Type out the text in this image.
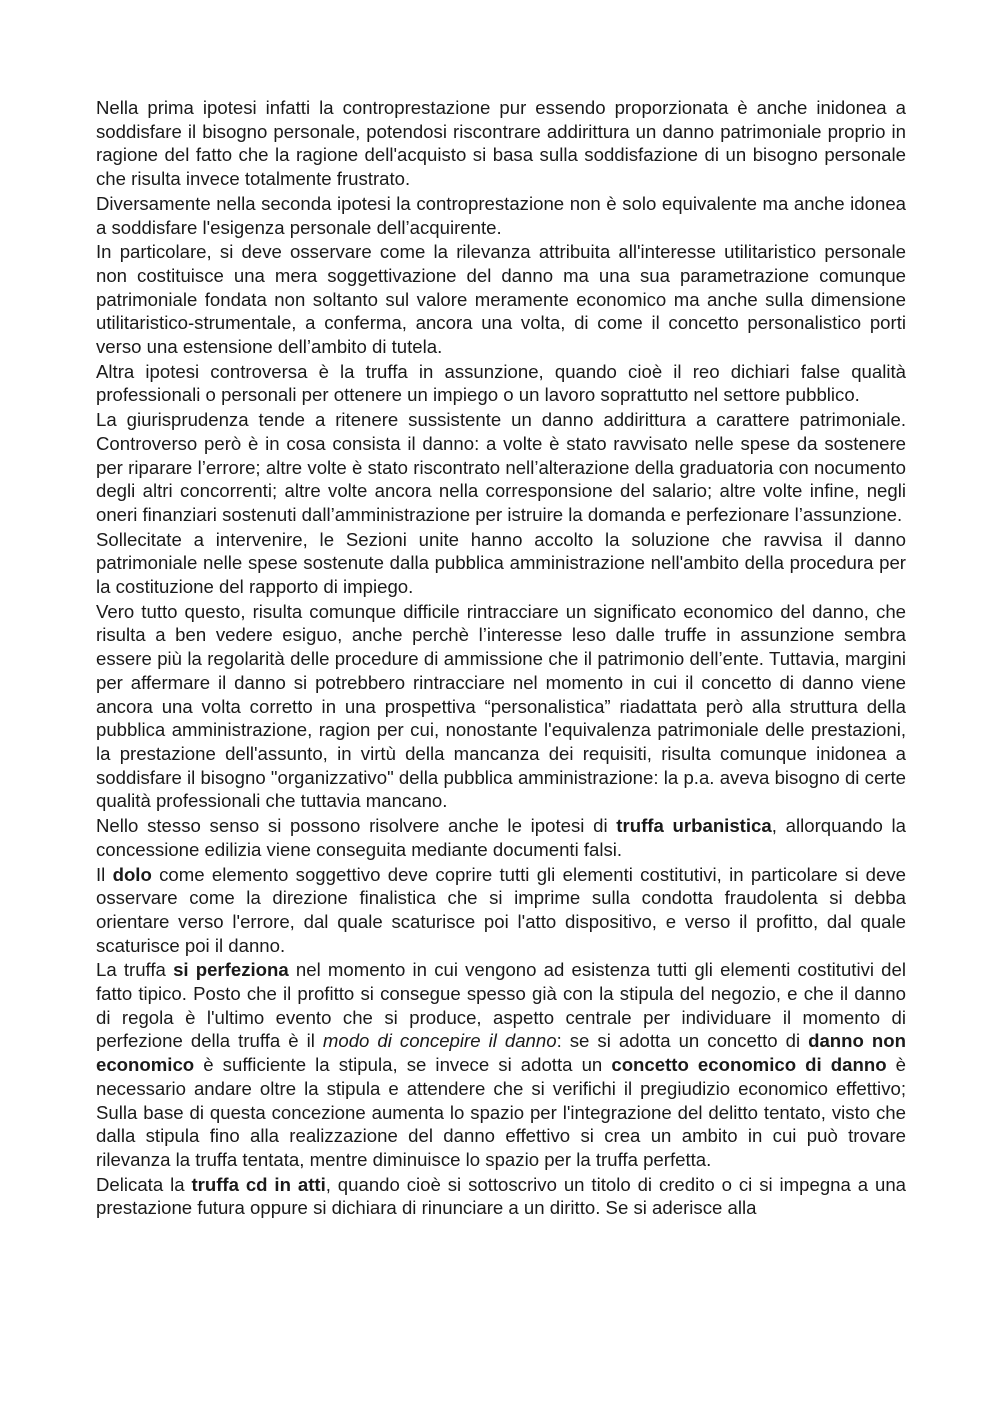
Nella prima ipotesi infatti la controprestazione pur essendo proporzionata è anche inidonea a soddisfare il bisogno personale, potendosi riscontrare addirittura un danno patrimoniale proprio in ragione del fatto che la ragione dell'acquisto si basa sulla soddisfazione di un bisogno personale che risulta invece totalmente frustrato.

Diversamente nella seconda ipotesi la controprestazione non è solo equivalente ma anche idonea a soddisfare l'esigenza personale dell’acquirente.

In particolare, si deve osservare come la rilevanza attribuita all'interesse utilitaristico personale non costituisce una mera soggettivazione del danno ma una sua parametrazione comunque patrimoniale fondata non soltanto sul valore meramente economico ma anche sulla dimensione utilitaristico-strumentale, a conferma, ancora una volta, di come il concetto personalistico porti verso una estensione dell’ambito di tutela.

Altra ipotesi controversa è la truffa in assunzione, quando cioè il reo dichiari false qualità professionali o personali per ottenere un impiego o un lavoro soprattutto nel settore pubblico.

La giurisprudenza tende a ritenere sussistente un danno addirittura a carattere patrimoniale. Controverso però è in cosa consista il danno: a volte è stato ravvisato nelle spese da sostenere per riparare l’errore; altre volte è stato riscontrato nell’alterazione della graduatoria con nocumento degli altri concorrenti; altre volte ancora nella corresponsione del salario; altre volte infine, negli oneri finanziari sostenuti dall’amministrazione per istruire la domanda e perfezionare l’assunzione.

Sollecitate a intervenire, le Sezioni unite hanno accolto la soluzione che ravvisa il danno patrimoniale nelle spese sostenute dalla pubblica amministrazione nell'ambito della procedura per la costituzione del rapporto di impiego.

Vero tutto questo, risulta comunque difficile rintracciare un significato economico del danno, che risulta a ben vedere esiguo, anche perchè l’interesse leso dalle truffe in assunzione sembra essere più la regolarità delle procedure di ammissione che il patrimonio dell’ente. Tuttavia, margini per affermare il danno si potrebbero rintracciare nel momento in cui il concetto di danno viene ancora una volta corretto in una prospettiva “personalistica” riadattata però alla struttura della pubblica amministrazione, ragion per cui, nonostante l'equivalenza patrimoniale delle prestazioni, la prestazione dell'assunto, in virtù della mancanza dei requisiti, risulta comunque inidonea a soddisfare il bisogno "organizzativo" della pubblica amministrazione: la p.a. aveva bisogno di certe qualità professionali che tuttavia mancano.

Nello stesso senso si possono risolvere anche le ipotesi di truffa urbanistica, allorquando la concessione edilizia viene conseguita mediante documenti falsi.

Il dolo come elemento soggettivo deve coprire tutti gli elementi costitutivi, in particolare si deve osservare come la direzione finalistica che si imprime sulla condotta fraudolenta si debba orientare verso l'errore, dal quale scaturisce poi l'atto dispositivo, e verso il profitto, dal quale scaturisce poi il danno.

La truffa si perfeziona nel momento in cui vengono ad esistenza tutti gli elementi costitutivi del fatto tipico. Posto che il profitto si consegue spesso già con la stipula del negozio, e che il danno di regola è l'ultimo evento che si produce, aspetto centrale per individuare il momento di perfezione della truffa è il modo di concepire il danno: se si adotta un concetto di danno non economico è sufficiente la stipula, se invece si adotta un concetto economico di danno è necessario andare oltre la stipula e attendere che si verifichi il pregiudizio economico effettivo; Sulla base di questa concezione aumenta lo spazio per l'integrazione del delitto tentato, visto che dalla stipula fino alla realizzazione del danno effettivo si crea un ambito in cui può trovare rilevanza la truffa tentata, mentre diminuisce lo spazio per la truffa perfetta.

Delicata la truffa cd in atti, quando cioè si sottoscrivo un titolo di credito o ci si impegna a una prestazione futura oppure si dichiara di rinunciare a un diritto. Se si aderisce alla
